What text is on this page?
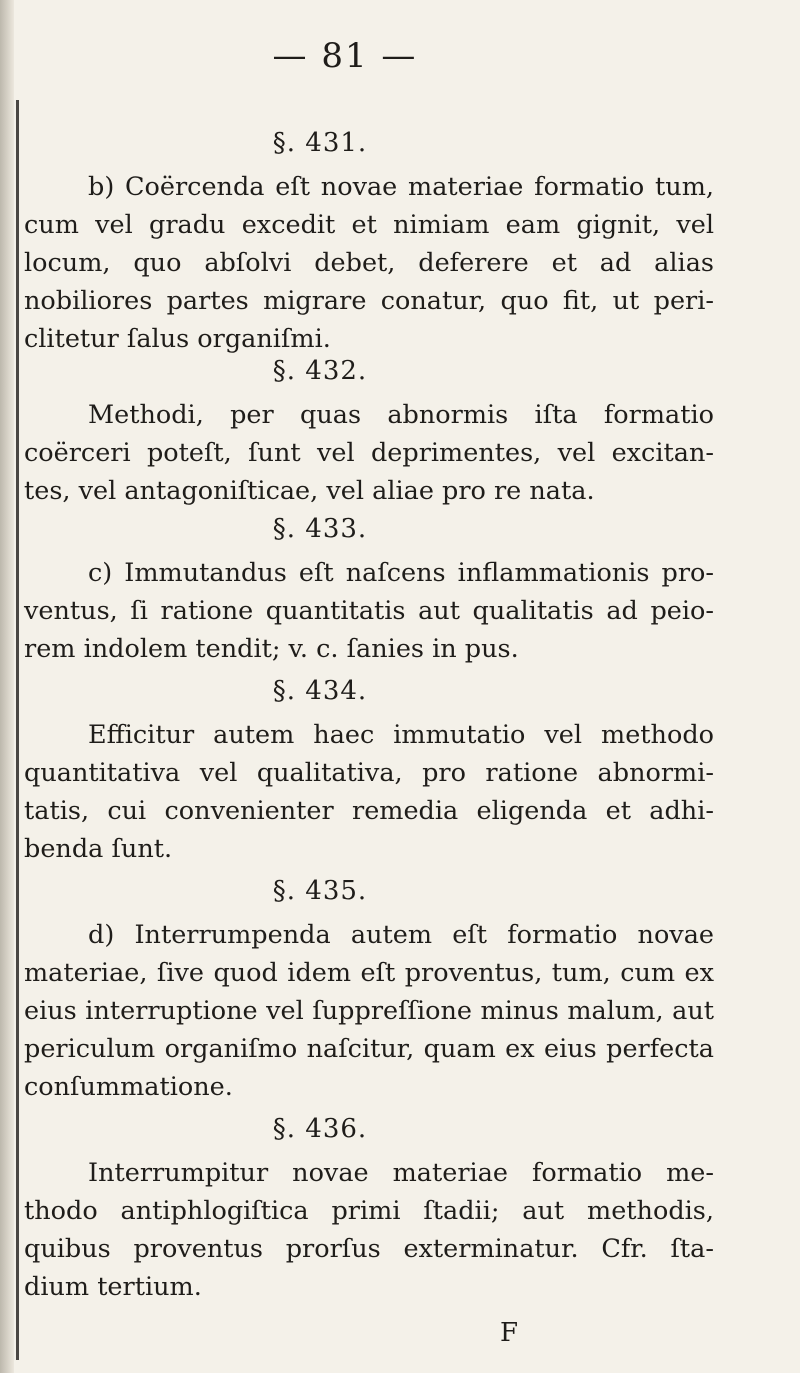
— 81 —
§. 431.

b) Coërcenda eſt novae materiae formatio tum, cum vel gradu excedit et nimiam eam gignit, vel locum, quo abſolvi debet, deferere et ad alias nobiliores partes migrare conatur, quo fit, ut peri- clitetur ſalus organiſmi.

§. 432.

Methodi, per quas abnormis iſta formatio coërceri poteſt, ſunt vel deprimentes, vel excitan- tes, vel antagoniſticae, vel aliae pro re nata.

§. 433.

c) Immutandus eſt naſcens inflammationis pro- ventus, ſi ratione quantitatis aut qualitatis ad peio- rem indolem tendit; v. c. ſanies in pus.

§. 434.

Efficitur autem haec immutatio vel methodo quantitativa vel qualitativa, pro ratione abnormi- tatis, cui convenienter remedia eligenda et adhi- benda ſunt.

§. 435.

d) Interrumpenda autem eſt formatio novae materiae, ſive quod idem eſt proventus, tum, cum ex eius interruptione vel ſuppreſſione minus malum, aut periculum organiſmo naſcitur, quam ex eius perfecta conſummatione.

§. 436.

Interrumpitur novae materiae formatio me- thodo antiphlogiſtica primi ſtadii; aut methodis, quibus proventus prorſus exterminatur. Cfr. ſta- dium tertium.

F
